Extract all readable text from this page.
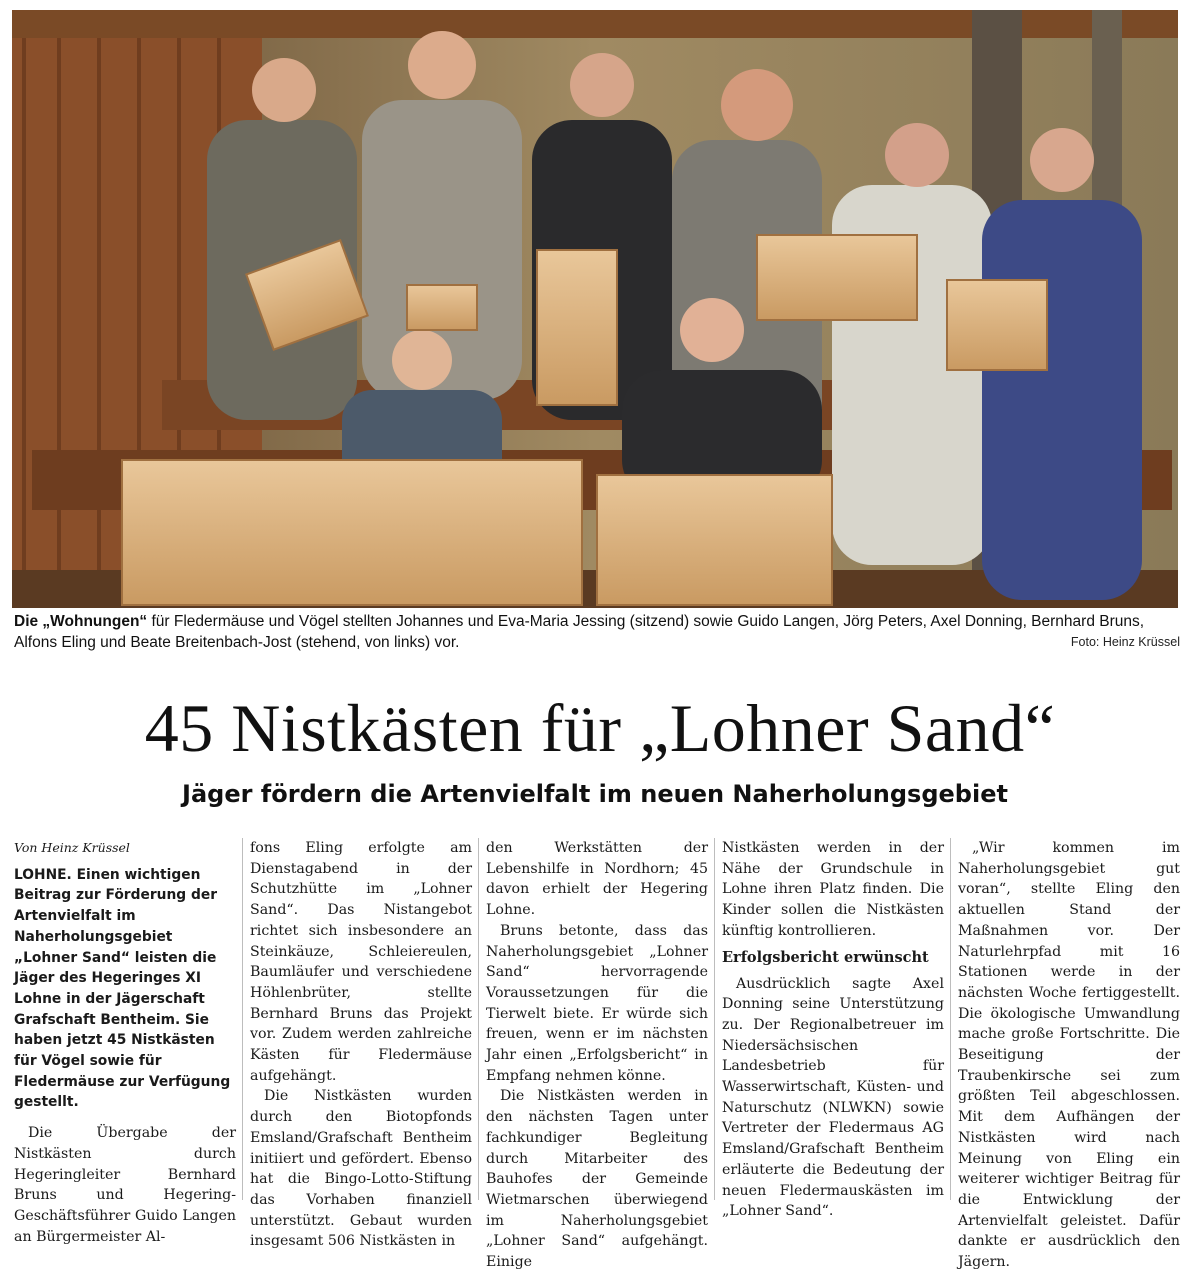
Die „Wohnungen“ für Fledermäuse und Vögel stellten Johannes und Eva-Maria Jessing (sitzend) sowie Guido Langen, Jörg Peters, Axel Donning, Bernhard Bruns, Alfons Eling und Beate Breitenbach-Jost (stehend, von links) vor.	Foto: Heinz Krüssel
45 Nistkästen für „Lohner Sand“
Jäger fördern die Artenvielfalt im neuen Naherholungsgebiet

Von Heinz Krüssel

LOHNE. Einen wichtigen Beitrag zur Förderung der Artenvielfalt im Naherholungsgebiet „Lohner Sand“ leisten die Jäger des Hegeringes XI Lohne in der Jägerschaft Grafschaft Bentheim. Sie haben jetzt 45 Nistkästen für Vögel sowie für Fledermäuse zur Verfügung gestellt.

Die Übergabe der Nistkästen durch Hegeringleiter Bernhard Bruns und Hegering-Geschäftsführer Guido Langen an Bürgermeister Al-

fons Eling erfolgte am Dienstagabend in der Schutzhütte im „Lohner Sand“. Das Nistangebot richtet sich insbesondere an Steinkäuze, Schleiereulen, Baumläufer und verschiedene Höhlenbrüter, stellte Bernhard Bruns das Projekt vor. Zudem werden zahlreiche Kästen für Fledermäuse aufgehängt.

Die Nistkästen wurden durch den Biotopfonds Emsland/Grafschaft Bentheim initiiert und gefördert. Ebenso hat die Bingo-Lotto-Stiftung das Vorhaben finanziell unterstützt. Gebaut wurden insgesamt 506 Nistkästen in

den Werkstätten der Lebenshilfe in Nordhorn; 45 davon erhielt der Hegering Lohne.

Bruns betonte, dass das Naherholungsgebiet „Lohner Sand“ hervorragende Voraussetzungen für die Tierwelt biete. Er würde sich freuen, wenn er im nächsten Jahr einen „Erfolgsbericht“ in Empfang nehmen könne.

Die Nistkästen werden in den nächsten Tagen unter fachkundiger Begleitung durch Mitarbeiter des Bauhofes der Gemeinde Wietmarschen überwiegend im Naherholungsgebiet „Lohner Sand“ aufgehängt. Einige

Nistkästen werden in der Nähe der Grundschule in Lohne ihren Platz finden. Die Kinder sollen die Nistkästen künftig kontrollieren.

Erfolgsbericht erwünscht

Ausdrücklich sagte Axel Donning seine Unterstützung zu. Der Regionalbetreuer im Niedersächsischen Landesbetrieb für Wasserwirtschaft, Küsten- und Naturschutz (NLWKN) sowie Vertreter der Fledermaus AG Emsland/Grafschaft Bentheim erläuterte die Bedeutung der neuen Fledermauskästen im „Lohner Sand“.

„Wir kommen im Naherholungsgebiet gut voran“, stellte Eling den aktuellen Stand der Maßnahmen vor. Der Naturlehrpfad mit 16 Stationen werde in der nächsten Woche fertiggestellt. Die ökologische Umwandlung mache große Fortschritte. Die Beseitigung der Traubenkirsche sei zum größten Teil abgeschlossen. Mit dem Aufhängen der Nistkästen wird nach Meinung von Eling ein weiterer wichtiger Beitrag für die Entwicklung der Artenvielfalt geleistet. Dafür dankte er ausdrücklich den Jägern.
